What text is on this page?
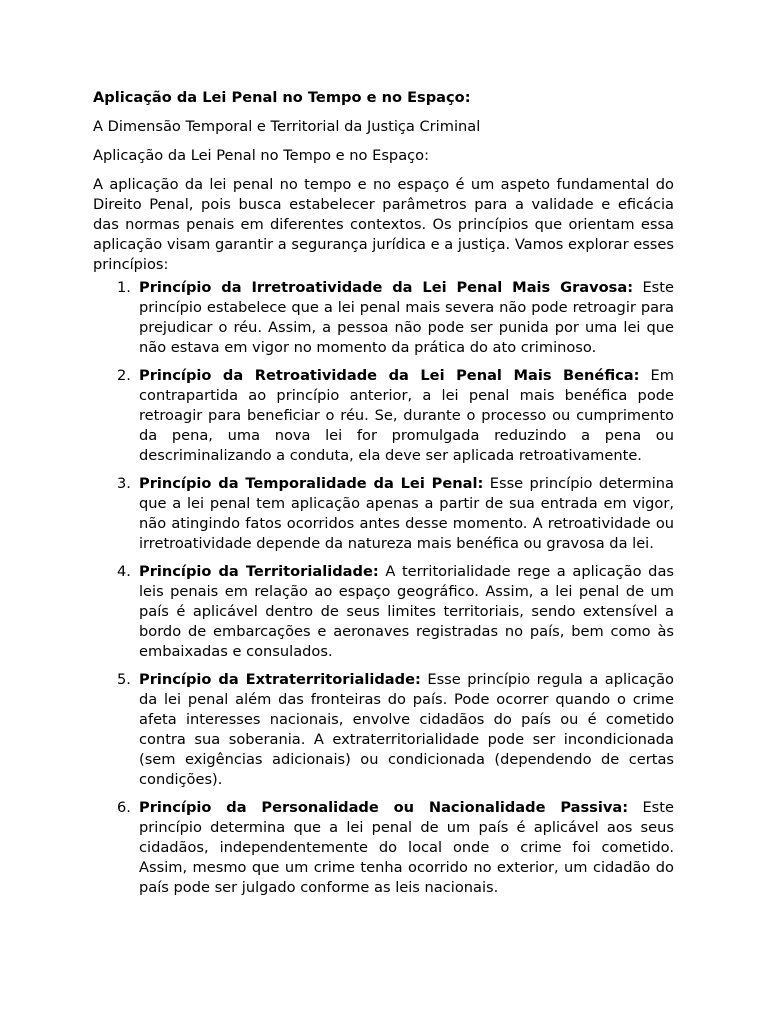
Aplicação da Lei Penal no Tempo e no Espaço:

A Dimensão Temporal e Territorial da Justiça Criminal

Aplicação da Lei Penal no Tempo e no Espaço:

A aplicação da lei penal no tempo e no espaço é um aspeto fundamental do Direito Penal, pois busca estabelecer parâmetros para a validade e eficácia das normas penais em diferentes contextos. Os princípios que orientam essa aplicação visam garantir a segurança jurídica e a justiça. Vamos explorar esses princípios:

1. Princípio da Irretroatividade da Lei Penal Mais Gravosa: Este princípio estabelece que a lei penal mais severa não pode retroagir para prejudicar o réu. Assim, a pessoa não pode ser punida por uma lei que não estava em vigor no momento da prática do ato criminoso.
2. Princípio da Retroatividade da Lei Penal Mais Benéfica: Em contrapartida ao princípio anterior, a lei penal mais benéfica pode retroagir para beneficiar o réu. Se, durante o processo ou cumprimento da pena, uma nova lei for promulgada reduzindo a pena ou descriminalizando a conduta, ela deve ser aplicada retroativamente.
3. Princípio da Temporalidade da Lei Penal: Esse princípio determina que a lei penal tem aplicação apenas a partir de sua entrada em vigor, não atingindo fatos ocorridos antes desse momento. A retroatividade ou irretroatividade depende da natureza mais benéfica ou gravosa da lei.
4. Princípio da Territorialidade: A territorialidade rege a aplicação das leis penais em relação ao espaço geográfico. Assim, a lei penal de um país é aplicável dentro de seus limites territoriais, sendo extensível a bordo de embarcações e aeronaves registradas no país, bem como às embaixadas e consulados.
5. Princípio da Extraterritorialidade: Esse princípio regula a aplicação da lei penal além das fronteiras do país. Pode ocorrer quando o crime afeta interesses nacionais, envolve cidadãos do país ou é cometido contra sua soberania. A extraterritorialidade pode ser incondicionada (sem exigências adicionais) ou condicionada (dependendo de certas condições).
6. Princípio da Personalidade ou Nacionalidade Passiva: Este princípio determina que a lei penal de um país é aplicável aos seus cidadãos, independentemente do local onde o crime foi cometido. Assim, mesmo que um crime tenha ocorrido no exterior, um cidadão do país pode ser julgado conforme as leis nacionais.
